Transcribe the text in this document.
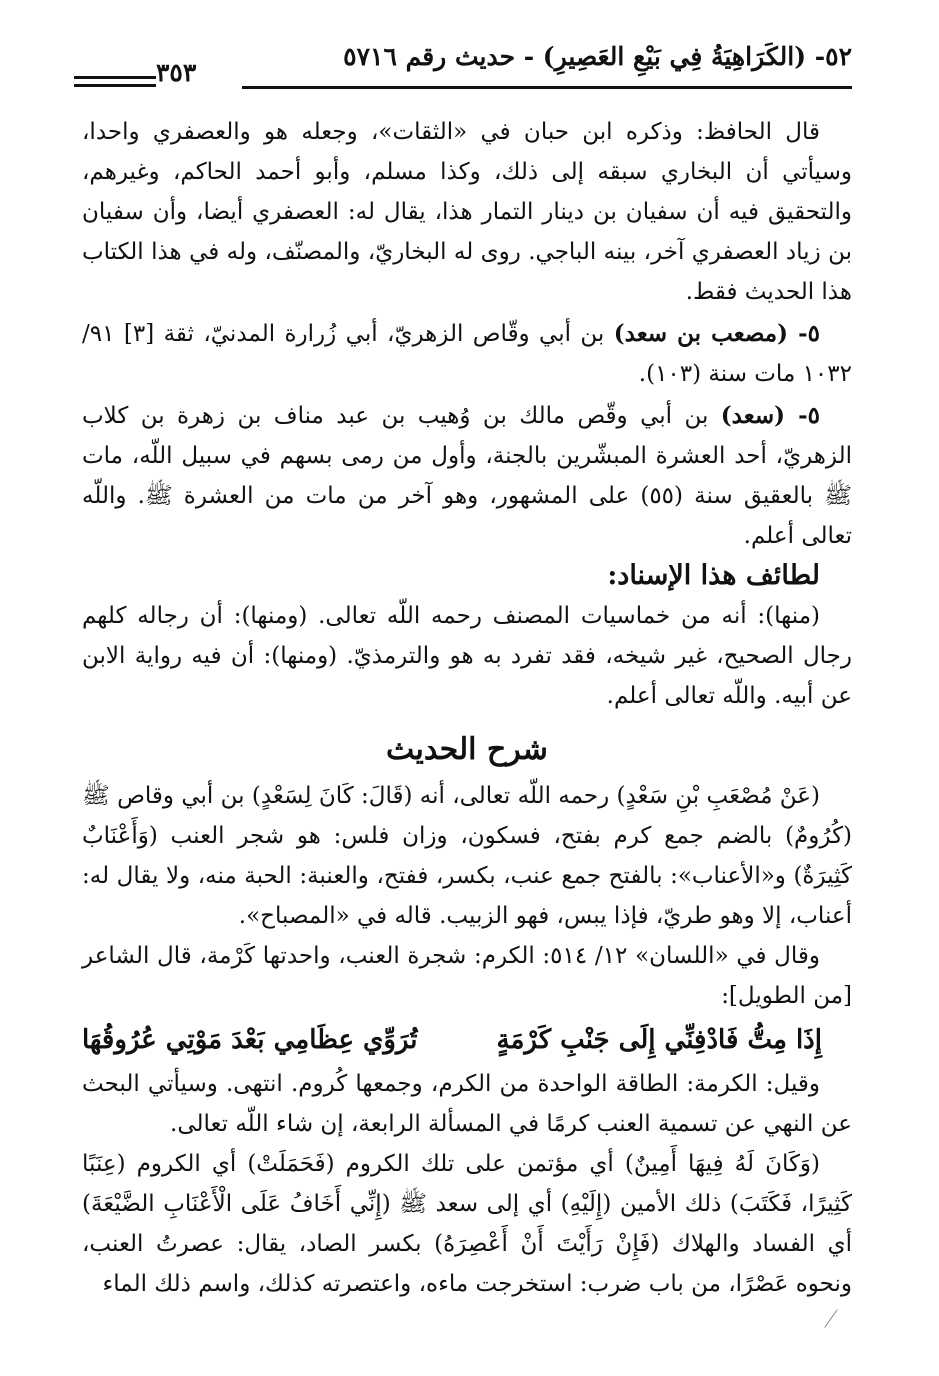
٥٢- (الكَرَاهِيَةُ فِي بَيْعِ العَصِيرِ) - حديث رقم ٥٧١٦
٣٥٣

قال الحافظ: وذكره ابن حبان في «الثقات»، وجعله هو والعصفري واحدا، وسيأتي أن البخاري سبقه إلى ذلك، وكذا مسلم، وأبو أحمد الحاكم، وغيرهم، والتحقيق فيه أن سفيان بن دينار التمار هذا، يقال له: العصفري أيضا، وأن سفيان بن زياد العصفري آخر، بينه الباجي. روى له البخاريّ، والمصنّف، وله في هذا الكتاب هذا الحديث فقط.

٥- (مصعب بن سعد) بن أبي وقّاص الزهريّ، أبي زُرارة المدنيّ، ثقة [٣] ٩١/ ١٠٣٢ مات سنة (١٠٣).

٥- (سعد) بن أبي وقّص مالك بن وُهيب بن عبد مناف بن زهرة بن كلاب الزهريّ، أحد العشرة المبشّرين بالجنة، وأول من رمى بسهم في سبيل اللّه، مات ﷺ بالعقيق سنة (٥٥) على المشهور، وهو آخر من مات من العشرة ﷺ. واللّه تعالى أعلم.

لطائف هذا الإسناد:

(منها): أنه من خماسيات المصنف رحمه اللّه تعالى. (ومنها): أن رجاله كلهم رجال الصحيح، غير شيخه، فقد تفرد به هو والترمذيّ. (ومنها): أن فيه رواية الابن عن أبيه. واللّه تعالى أعلم.

شرح الحديث

(عَنْ مُصْعَبِ بْنِ سَعْدٍ) رحمه اللّه تعالى، أنه (قَالَ: كَانَ لِسَعْدٍ) بن أبي وقاص ﷺ (كُرُومٌ) بالضم جمع كرم بفتح، فسكون، وزان فلس: هو شجر العنب (وَأَعْنَابٌ كَثِيرَةٌ) و«الأعناب»: بالفتح جمع عنب، بكسر، ففتح، والعنبة: الحبة منه، ولا يقال له: أعناب، إلا وهو طريّ، فإذا يبس، فهو الزبيب. قاله في «المصباح».

وقال في «اللسان» ١٢/ ٥١٤: الكرم: شجرة العنب، واحدتها كَرْمة، قال الشاعر [من الطويل]:

إِذَا مِتُّ فَادْفِنِّي إِلَى جَنْبِ كَرْمَةٍ
تُرَوِّي عِظَامِي بَعْدَ مَوْتِي عُرُوقُهَا

وقيل: الكرمة: الطاقة الواحدة من الكرم، وجمعها كُروم. انتهى. وسيأتي البحث عن النهي عن تسمية العنب كرمًا في المسألة الرابعة، إن شاء اللّه تعالى.

(وَكَانَ لَهُ فِيهَا أَمِينٌ) أي مؤتمن على تلك الكروم (فَحَمَلَتْ) أي الكروم (عِنَبًا كَثِيرًا، فَكَتَبَ) ذلك الأمين (إِلَيْهِ) أي إلى سعد ﷺ (إِنِّي أَخَافُ عَلَى الْأَعْنَابِ الضَّيْعَةَ) أي الفساد والهلاك (فَإِنْ رَأَيْتَ أَنْ أَعْصِرَهُ) بكسر الصاد، يقال: عصرتُ العنب، ونحوه عَصْرًا، من باب ضرب: استخرجت ماءه، واعتصرته كذلك، واسم ذلك الماء
